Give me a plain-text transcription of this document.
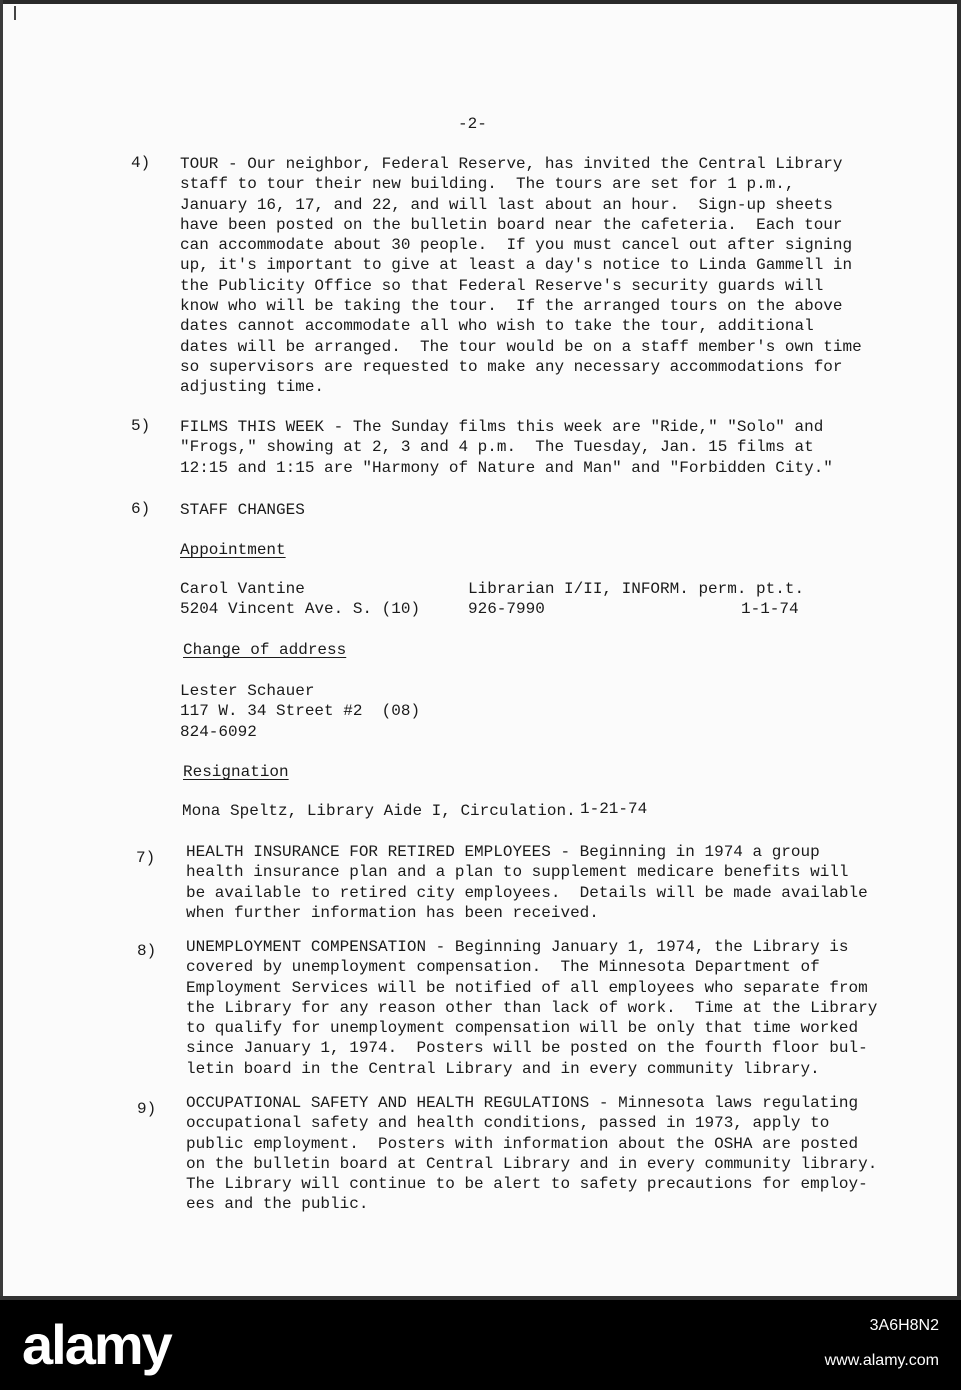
-2-
4) TOUR - Our neighbor, Federal Reserve, has invited the Central Library
staff to tour their new building.  The tours are set for 1 p.m.,
January 16, 17, and 22, and will last about an hour.  Sign-up sheets
have been posted on the bulletin board near the cafeteria.  Each tour
can accommodate about 30 people.  If you must cancel out after signing
up, it's important to give at least a day's notice to Linda Gammell in
the Publicity Office so that Federal Reserve's security guards will
know who will be taking the tour.  If the arranged tours on the above
dates cannot accommodate all who wish to take the tour, additional
dates will be arranged.  The tour would be on a staff member's own time
so supervisors are requested to make any necessary accommodations for
adjusting time.
5) FILMS THIS WEEK - The Sunday films this week are "Ride," "Solo" and
"Frogs," showing at 2, 3 and 4 p.m.  The Tuesday, Jan. 15 films at
12:15 and 1:15 are "Harmony of Nature and Man" and "Forbidden City."
6) STAFF CHANGES
Appointment
Carol Vantine
5204 Vincent Ave. S. (10)
Librarian I/II, INFORM. perm. pt.t.
926-7990	1-1-74
Change of address
Lester Schauer
117 W. 34 Street #2  (08)
824-6092
Resignation
Mona Speltz, Library Aide I, Circulation. 1-21-74
7) HEALTH INSURANCE FOR RETIRED EMPLOYEES - Beginning in 1974 a group
health insurance plan and a plan to supplement medicare benefits will
be available to retired city employees.  Details will be made available
when further information has been received.
8) UNEMPLOYMENT COMPENSATION - Beginning January 1, 1974, the Library is
covered by unemployment compensation.  The Minnesota Department of
Employment Services will be notified of all employees who separate from
the Library for any reason other than lack of work.  Time at the Library
to qualify for unemployment compensation will be only that time worked
since January 1, 1974.  Posters will be posted on the fourth floor bul-
letin board in the Central Library and in every community library.
9) OCCUPATIONAL SAFETY AND HEALTH REGULATIONS - Minnesota laws regulating
occupational safety and health conditions, passed in 1973, apply to
public employment.  Posters with information about the OSHA are posted
on the bulletin board at Central Library and in every community library.
The Library will continue to be alert to safety precautions for employ-
ees and the public.
alamy	3A6H8N2
www.alamy.com
